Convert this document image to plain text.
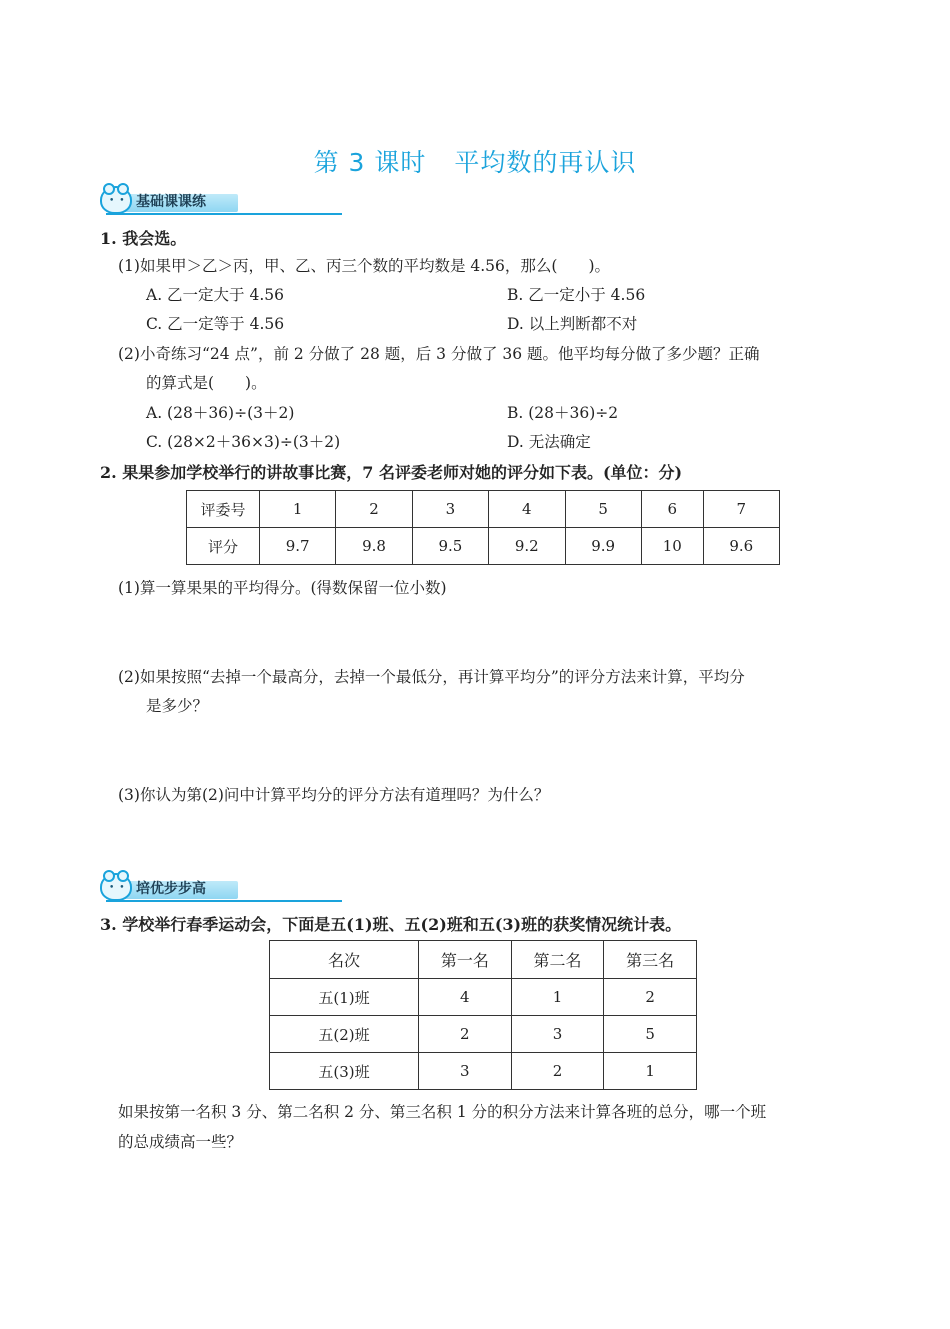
第 3 课时 平均数的再认识
•• 基础课课练
1. 我会选。
(1)如果甲＞乙＞丙，甲、乙、丙三个数的平均数是 4.56，那么(　　)。
A. 乙一定大于 4.56	B. 乙一定小于 4.56
C. 乙一定等于 4.56	D. 以上判断都不对
(2)小奇练习“24 点”，前 2 分做了 28 题，后 3 分做了 36 题。他平均每分做了多少题？正确
的算式是(　　)。
A. (28＋36)÷(3＋2)	B. (28＋36)÷2
C. (28×2＋36×3)÷(3＋2)	D. 无法确定
2. 果果参加学校举行的讲故事比赛，7 名评委老师对她的评分如下表。(单位：分)
评委号	1	2	3	4	5	6	7
评分	9.7	9.8	9.5	9.2	9.9	10	9.6
(1)算一算果果的平均得分。(得数保留一位小数)
(2)如果按照“去掉一个最高分，去掉一个最低分，再计算平均分”的评分方法来计算，平均分
是多少？
(3)你认为第(2)问中计算平均分的评分方法有道理吗？为什么？
•• 培优步步高
3. 学校举行春季运动会，下面是五(1)班、五(2)班和五(3)班的获奖情况统计表。
名次	第一名	第二名	第三名
五(1)班	4	1	2
五(2)班	2	3	5
五(3)班	3	2	1
如果按第一名积 3 分、第二名积 2 分、第三名积 1 分的积分方法来计算各班的总分，哪一个班
的总成绩高一些？
